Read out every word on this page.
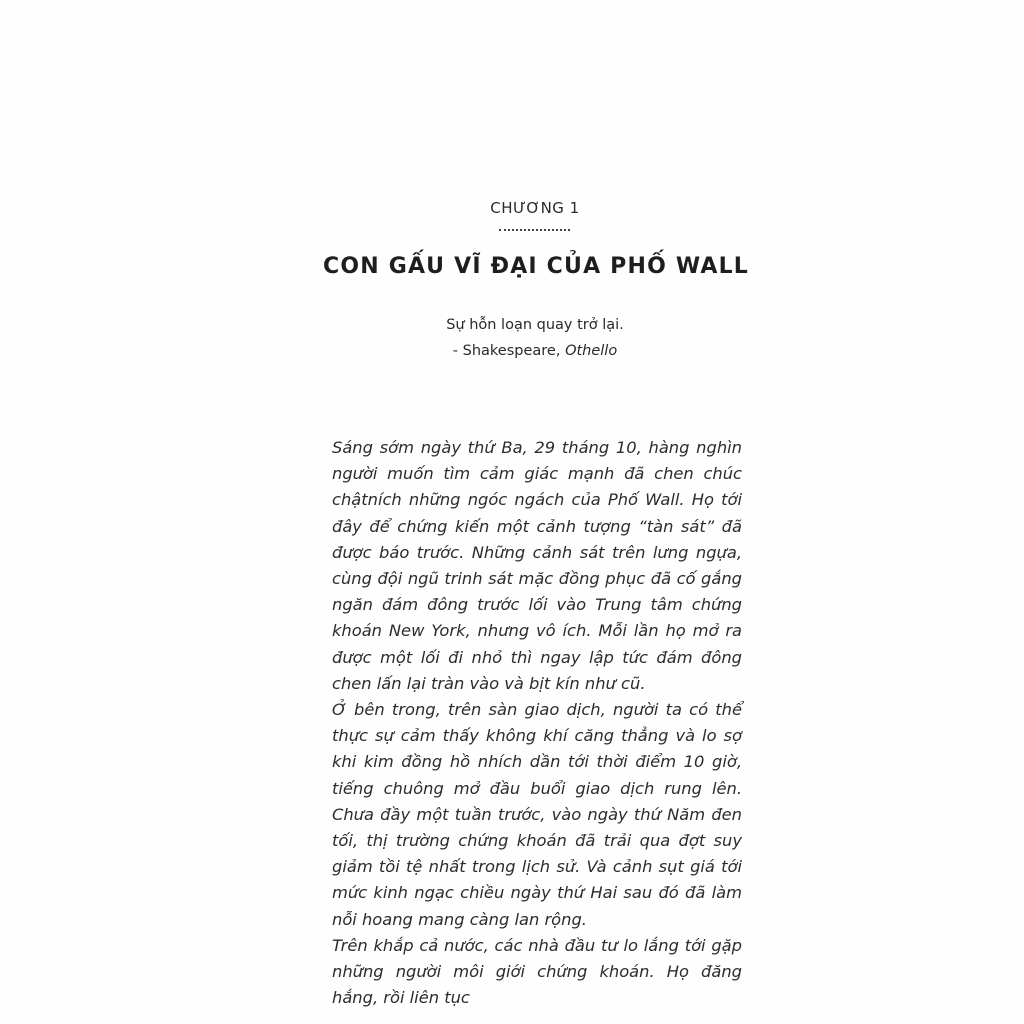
CHƯƠNG 1
CON GẤU VĨ ĐẠI CỦA PHỐ WALL
Sự hỗn loạn quay trở lại.
- Shakespeare, Othello

Sáng sớm ngày thứ Ba, 29 tháng 10, hàng nghìn người muốn tìm cảm giác mạnh đã chen chúc chậtních những ngóc ngách của Phố Wall. Họ tới đây để chứng kiến một cảnh tượng “tàn sát” đã được báo trước. Những cảnh sát trên lưng ngựa, cùng đội ngũ trinh sát mặc đồng phục đã cố gắng ngăn đám đông trước lối vào Trung tâm chứng khoán New York, nhưng vô ích. Mỗi lần họ mở ra được một lối đi nhỏ thì ngay lập tức đám đông chen lấn lại tràn vào và bịt kín như cũ.

Ở bên trong, trên sàn giao dịch, người ta có thể thực sự cảm thấy không khí căng thẳng và lo sợ khi kim đồng hồ nhích dần tới thời điểm 10 giờ, tiếng chuông mở đầu buổi giao dịch rung lên. Chưa đầy một tuần trước, vào ngày thứ Năm đen tối, thị trường chứng khoán đã trải qua đợt suy giảm tồi tệ nhất trong lịch sử. Và cảnh sụt giá tới mức kinh ngạc chiều ngày thứ Hai sau đó đã làm nỗi hoang mang càng lan rộng.

Trên khắp cả nước, các nhà đầu tư lo lắng tới gặp những người môi giới chứng khoán. Họ đăng hắng, rồi liên tục
